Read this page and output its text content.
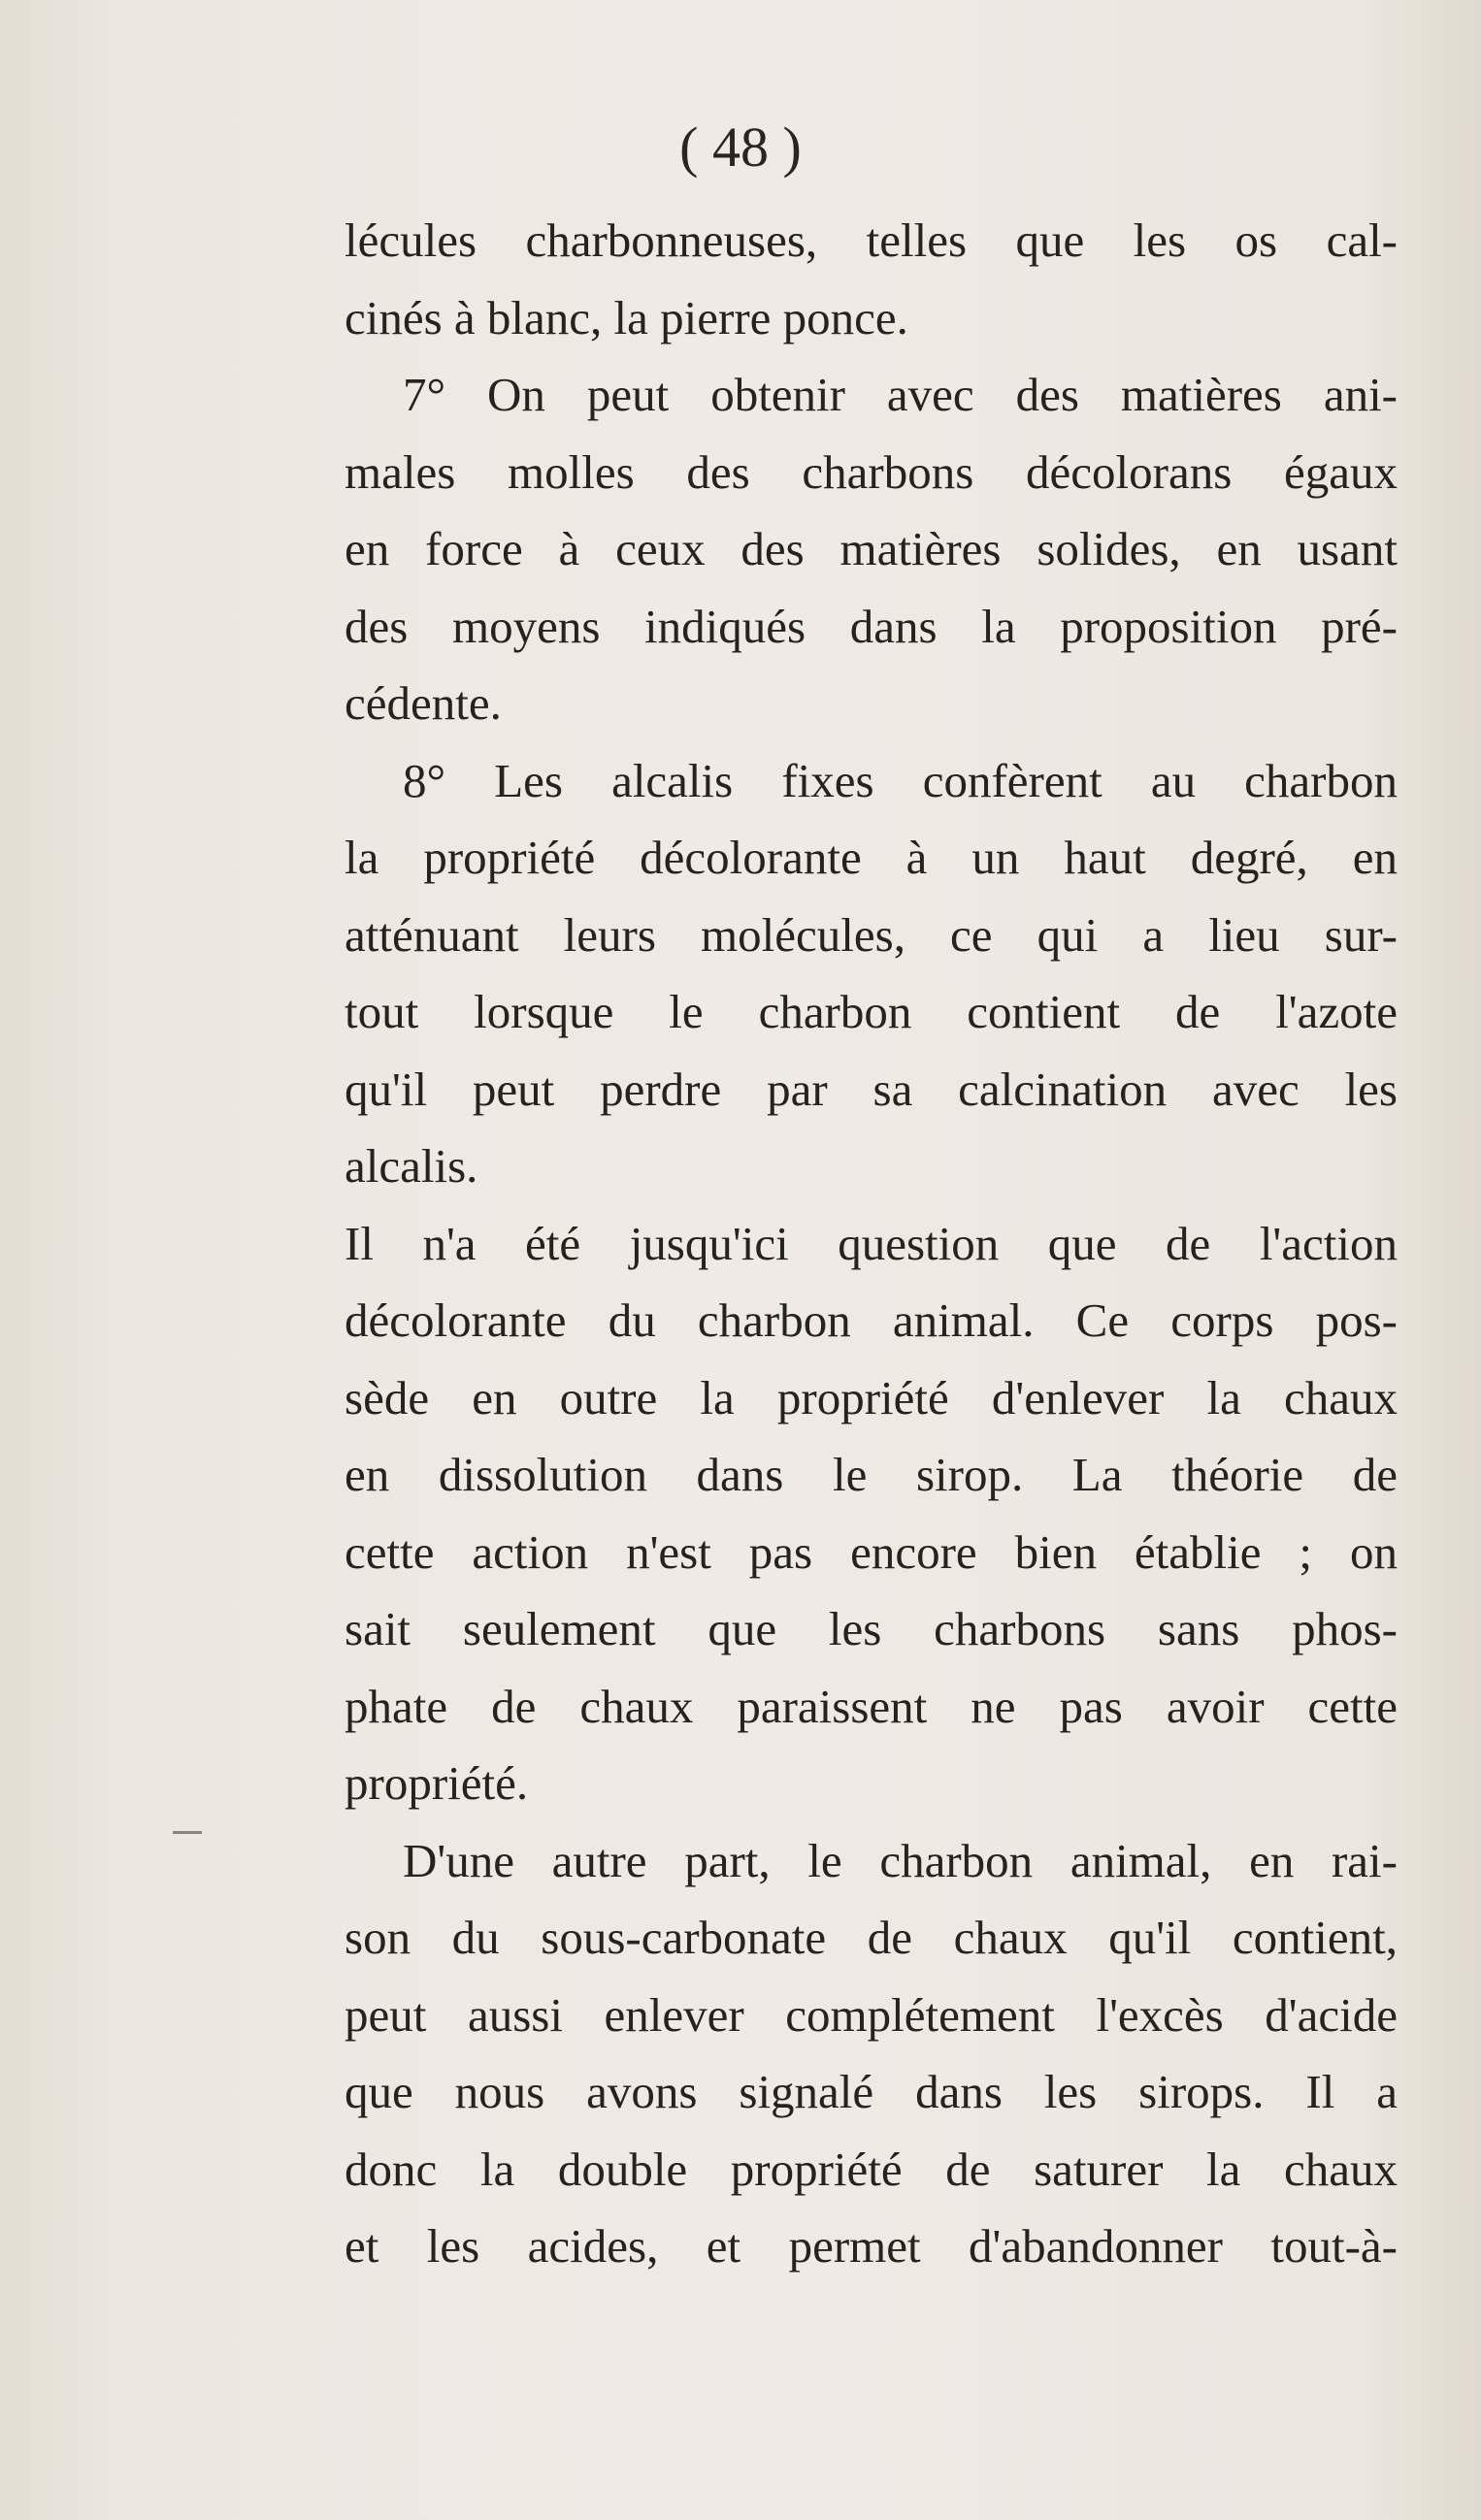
( 48 )
lécules charbonneuses, telles que les os cal-
cinés à blanc, la pierre ponce.
7° On peut obtenir avec des matières ani-
males molles des charbons décolorans égaux
en force à ceux des matières solides, en usant
des moyens indiqués dans la proposition pré-
cédente.
8° Les alcalis fixes confèrent au charbon
la propriété décolorante à un haut degré, en
atténuant leurs molécules, ce qui a lieu sur-
tout lorsque le charbon contient de l'azote
qu'il peut perdre par sa calcination avec les
alcalis.
Il n'a été jusqu'ici question que de l'action
décolorante du charbon animal. Ce corps pos-
sède en outre la propriété d'enlever la chaux
en dissolution dans le sirop. La théorie de
cette action n'est pas encore bien établie ; on
sait seulement que les charbons sans phos-
phate de chaux paraissent ne pas avoir cette
propriété.
D'une autre part, le charbon animal, en rai-
son du sous-carbonate de chaux qu'il contient,
peut aussi enlever complétement l'excès d'acide
que nous avons signalé dans les sirops. Il a
donc la double propriété de saturer la chaux
et les acides, et permet d'abandonner tout-à-
